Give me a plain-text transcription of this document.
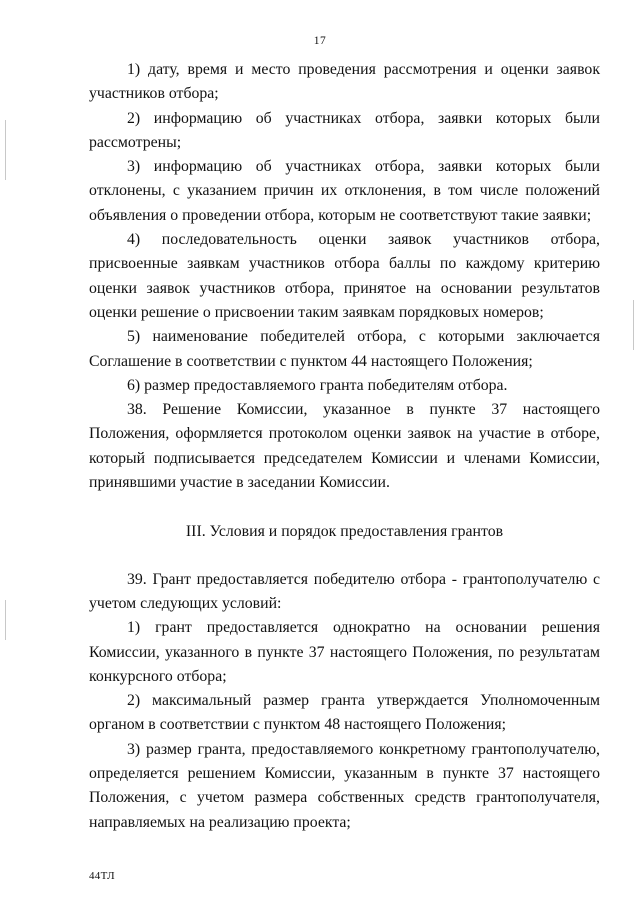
17

1) дату, время и место проведения рассмотрения и оценки заявок участников отбора;

2) информацию об участниках отбора, заявки которых были рассмотрены;

3) информацию об участниках отбора, заявки которых были отклонены, с указанием причин их отклонения, в том числе положений объявления о проведении отбора, которым не соответствуют такие заявки;

4) последовательность оценки заявок участников отбора, присвоенные заявкам участников отбора баллы по каждому критерию оценки заявок участников отбора, принятое на основании результатов оценки решение о присвоении таким заявкам порядковых номеров;

5) наименование победителей отбора, с которыми заключается Соглашение в соответствии с пунктом 44 настоящего Положения;

6) размер предоставляемого гранта победителям отбора.

38. Решение Комиссии, указанное в пункте 37 настоящего Положения, оформляется протоколом оценки заявок на участие в отборе, который подписывается председателем Комиссии и членами Комиссии, принявшими участие в заседании Комиссии.

III. Условия и порядок предоставления грантов

39. Грант предоставляется победителю отбора - грантополучателю с учетом следующих условий:

1) грант предоставляется однократно на основании решения Комиссии, указанного в пункте 37 настоящего Положения, по результатам конкурсного отбора;

2) максимальный размер гранта утверждается Уполномоченным органом в соответствии с пунктом 48 настоящего Положения;

3) размер гранта, предоставляемого конкретному грантополучателю, определяется решением Комиссии, указанным в пункте 37 настоящего Положения, с учетом размера собственных средств грантополучателя, направляемых на реализацию проекта;

44ТЛ
